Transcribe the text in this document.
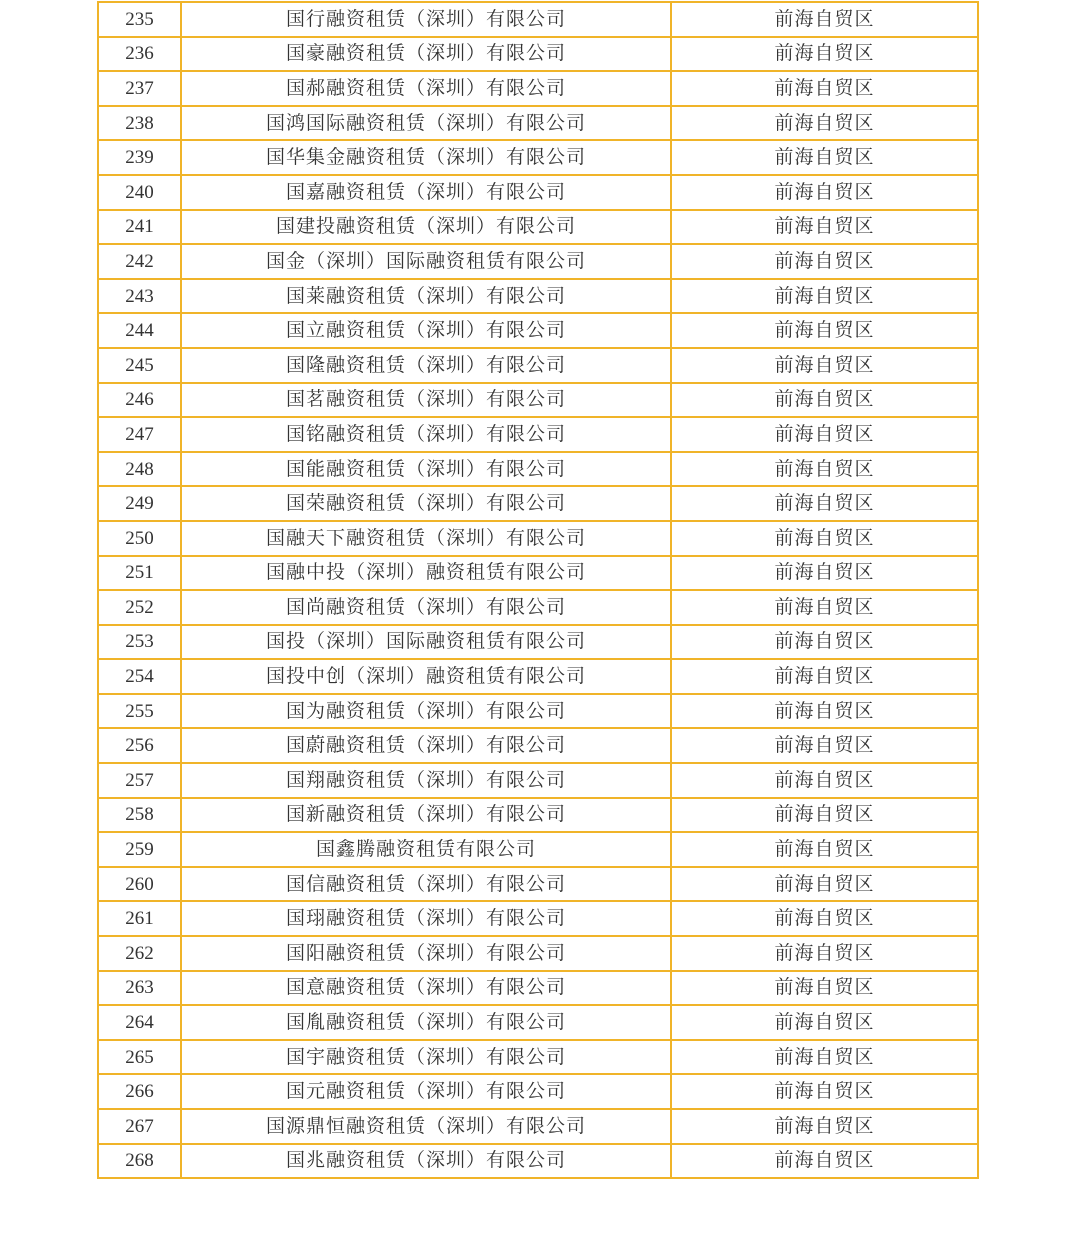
235	国行融资租赁（深圳）有限公司	前海自贸区
236	国豪融资租赁（深圳）有限公司	前海自贸区
237	国郝融资租赁（深圳）有限公司	前海自贸区
238	国鸿国际融资租赁（深圳）有限公司	前海自贸区
239	国华集金融资租赁（深圳）有限公司	前海自贸区
240	国嘉融资租赁（深圳）有限公司	前海自贸区
241	国建投融资租赁（深圳）有限公司	前海自贸区
242	国金（深圳）国际融资租赁有限公司	前海自贸区
243	国莱融资租赁（深圳）有限公司	前海自贸区
244	国立融资租赁（深圳）有限公司	前海自贸区
245	国隆融资租赁（深圳）有限公司	前海自贸区
246	国茗融资租赁（深圳）有限公司	前海自贸区
247	国铭融资租赁（深圳）有限公司	前海自贸区
248	国能融资租赁（深圳）有限公司	前海自贸区
249	国荣融资租赁（深圳）有限公司	前海自贸区
250	国融天下融资租赁（深圳）有限公司	前海自贸区
251	国融中投（深圳）融资租赁有限公司	前海自贸区
252	国尚融资租赁（深圳）有限公司	前海自贸区
253	国投（深圳）国际融资租赁有限公司	前海自贸区
254	国投中创（深圳）融资租赁有限公司	前海自贸区
255	国为融资租赁（深圳）有限公司	前海自贸区
256	国蔚融资租赁（深圳）有限公司	前海自贸区
257	国翔融资租赁（深圳）有限公司	前海自贸区
258	国新融资租赁（深圳）有限公司	前海自贸区
259	国鑫腾融资租赁有限公司	前海自贸区
260	国信融资租赁（深圳）有限公司	前海自贸区
261	国珝融资租赁（深圳）有限公司	前海自贸区
262	国阳融资租赁（深圳）有限公司	前海自贸区
263	国意融资租赁（深圳）有限公司	前海自贸区
264	国胤融资租赁（深圳）有限公司	前海自贸区
265	国宇融资租赁（深圳）有限公司	前海自贸区
266	国元融资租赁（深圳）有限公司	前海自贸区
267	国源鼎恒融资租赁（深圳）有限公司	前海自贸区
268	国兆融资租赁（深圳）有限公司	前海自贸区
